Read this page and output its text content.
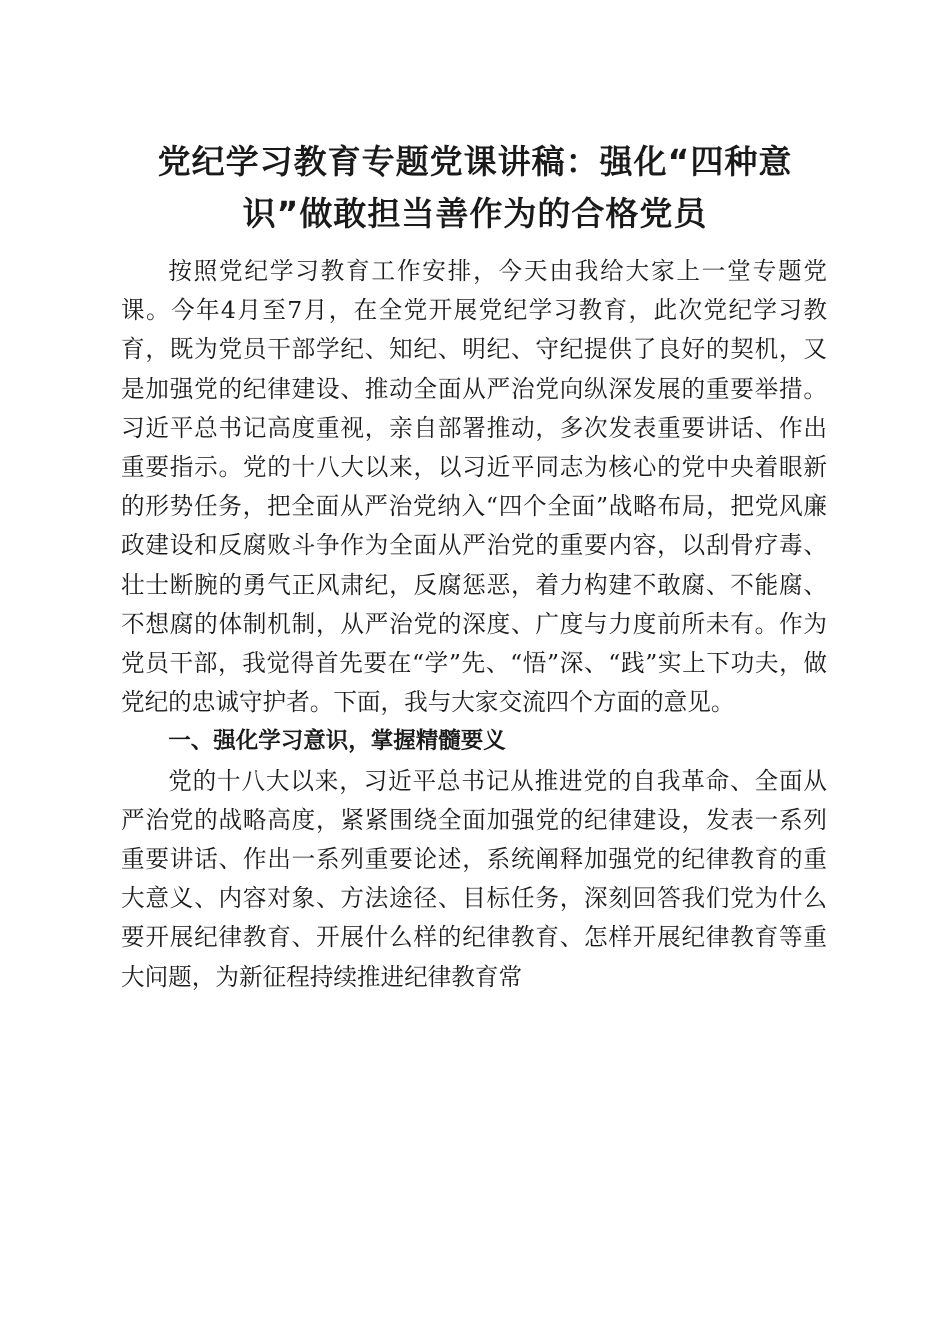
党纪学习教育专题党课讲稿：强化“四种意
识”做敢担当善作为的合格党员

按照党纪学习教育工作安排，今天由我给大家上一堂专题党课。今年4月至7月，在全党开展党纪学习教育，此次党纪学习教育，既为党员干部学纪、知纪、明纪、守纪提供了良好的契机，又是加强党的纪律建设、推动全面从严治党向纵深发展的重要举措。习近平总书记高度重视，亲自部署推动，多次发表重要讲话、作出重要指示。党的十八大以来，以习近平同志为核心的党中央着眼新的形势任务，把全面从严治党纳入“四个全面”战略布局，把党风廉政建设和反腐败斗争作为全面从严治党的重要内容，以刮骨疗毒、壮士断腕的勇气正风肃纪，反腐惩恶，着力构建不敢腐、不能腐、不想腐的体制机制，从严治党的深度、广度与力度前所未有。作为党员干部，我觉得首先要在“学”先、“悟”深、“践”实上下功夫，做党纪的忠诚守护者。下面，我与大家交流四个方面的意见。

一、强化学习意识，掌握精髓要义

党的十八大以来，习近平总书记从推进党的自我革命、全面从严治党的战略高度，紧紧围绕全面加强党的纪律建设，发表一系列重要讲话、作出一系列重要论述，系统阐释加强党的纪律教育的重大意义、内容对象、方法途径、目标任务，深刻回答我们党为什么要开展纪律教育、开展什么样的纪律教育、怎样开展纪律教育等重大问题，为新征程持续推进纪律教育常
